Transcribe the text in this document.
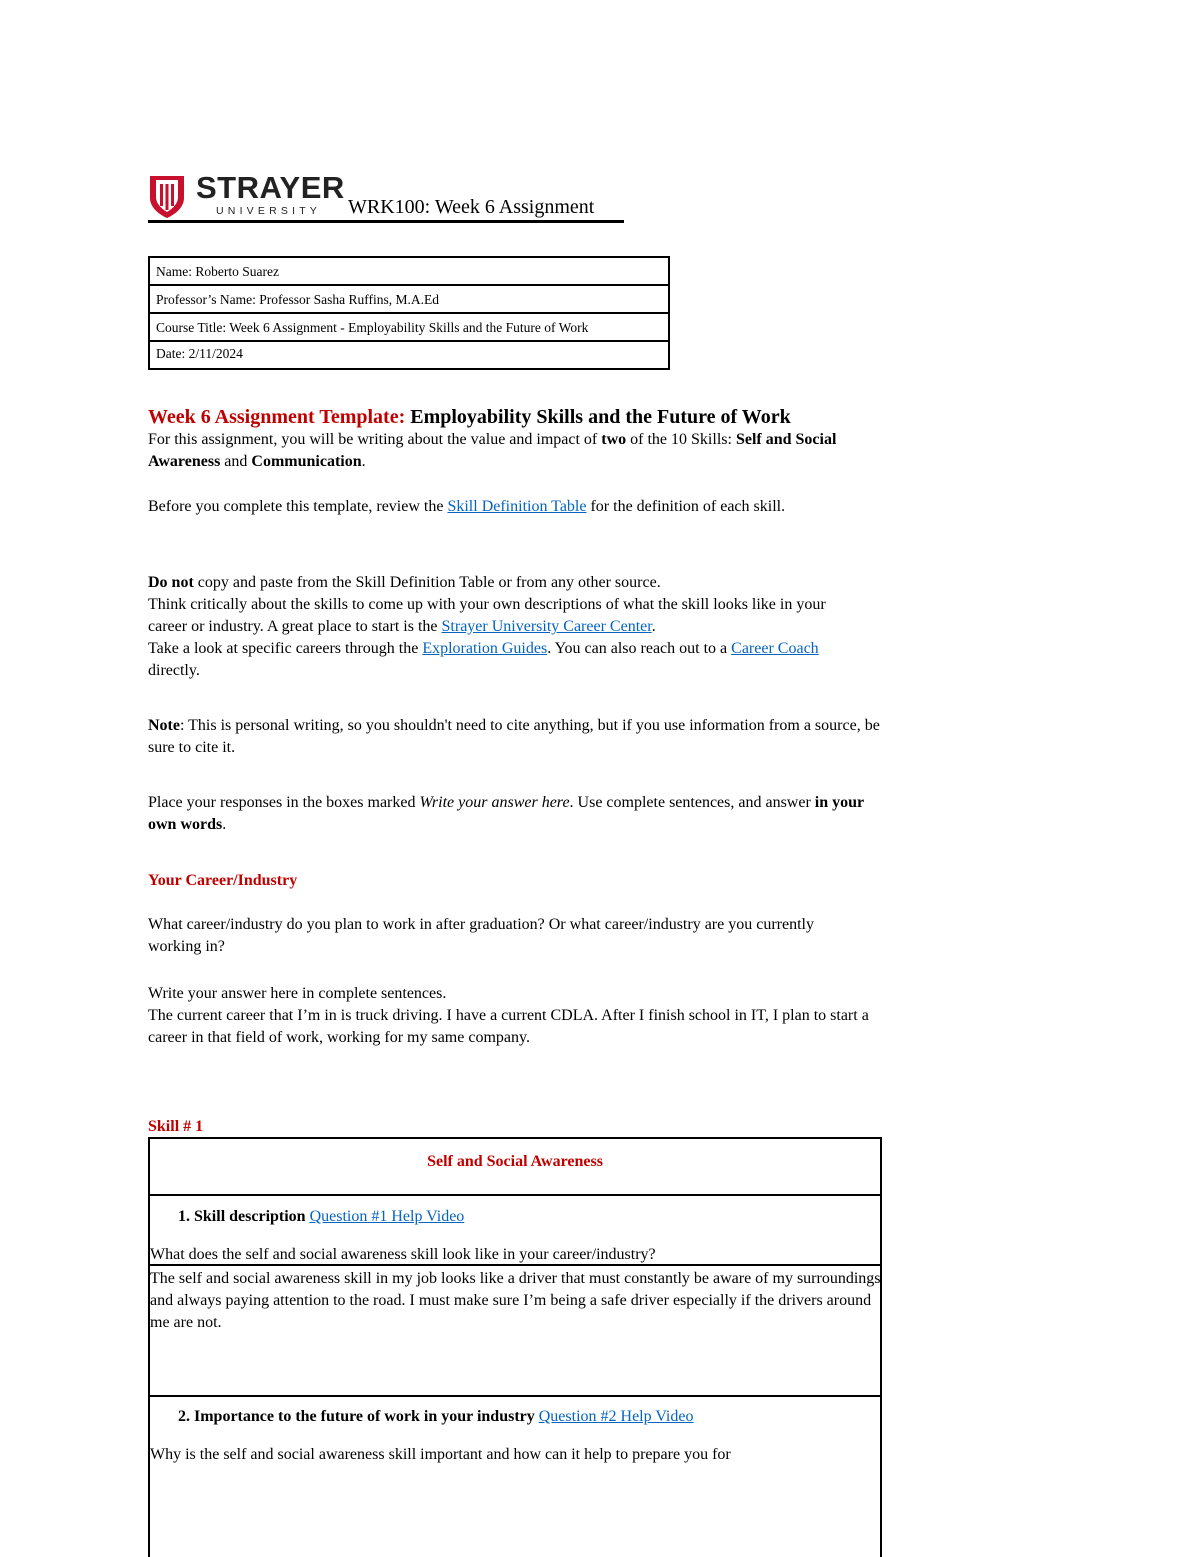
STRAYER
UNIVERSITY WRK100: Week 6 Assignment
Name: Roberto Suarez
Professor’s Name: Professor Sasha Ruffins, M.A.Ed
Course Title: Week 6 Assignment - Employability Skills and the Future of Work
Date: 2/11/2024
Week 6 Assignment Template: Employability Skills and the Future of Work
For this assignment, you will be writing about the value and impact of two of the 10 Skills: Self and Social Awareness and Communication.
Before you complete this template, review the Skill Definition Table for the definition of each skill.
Do not copy and paste from the Skill Definition Table or from any other source.
Think critically about the skills to come up with your own descriptions of what the skill looks like in your career or industry. A great place to start is the Strayer University Career Center.
Take a look at specific careers through the Exploration Guides. You can also reach out to a Career Coach directly.
Note: This is personal writing, so you shouldn't need to cite anything, but if you use information from a source, be sure to cite it.
Place your responses in the boxes marked Write your answer here. Use complete sentences, and answer in your own words.
Your Career/Industry
What career/industry do you plan to work in after graduation? Or what career/industry are you currently working in?
Write your answer here in complete sentences.
The current career that I’m in is truck driving. I have a current CDLA. After I finish school in IT, I plan to start a career in that field of work, working for my same company.
Skill # 1
Self and Social Awareness
1. Skill description Question #1 Help Video
What does the self and social awareness skill look like in your career/industry?
The self and social awareness skill in my job looks like a driver that must constantly be aware of my surroundings and always paying attention to the road. I must make sure I’m being a safe driver especially if the drivers around me are not.
2. Importance to the future of work in your industry Question #2 Help Video
Why is the self and social awareness skill important and how can it help to prepare you for
